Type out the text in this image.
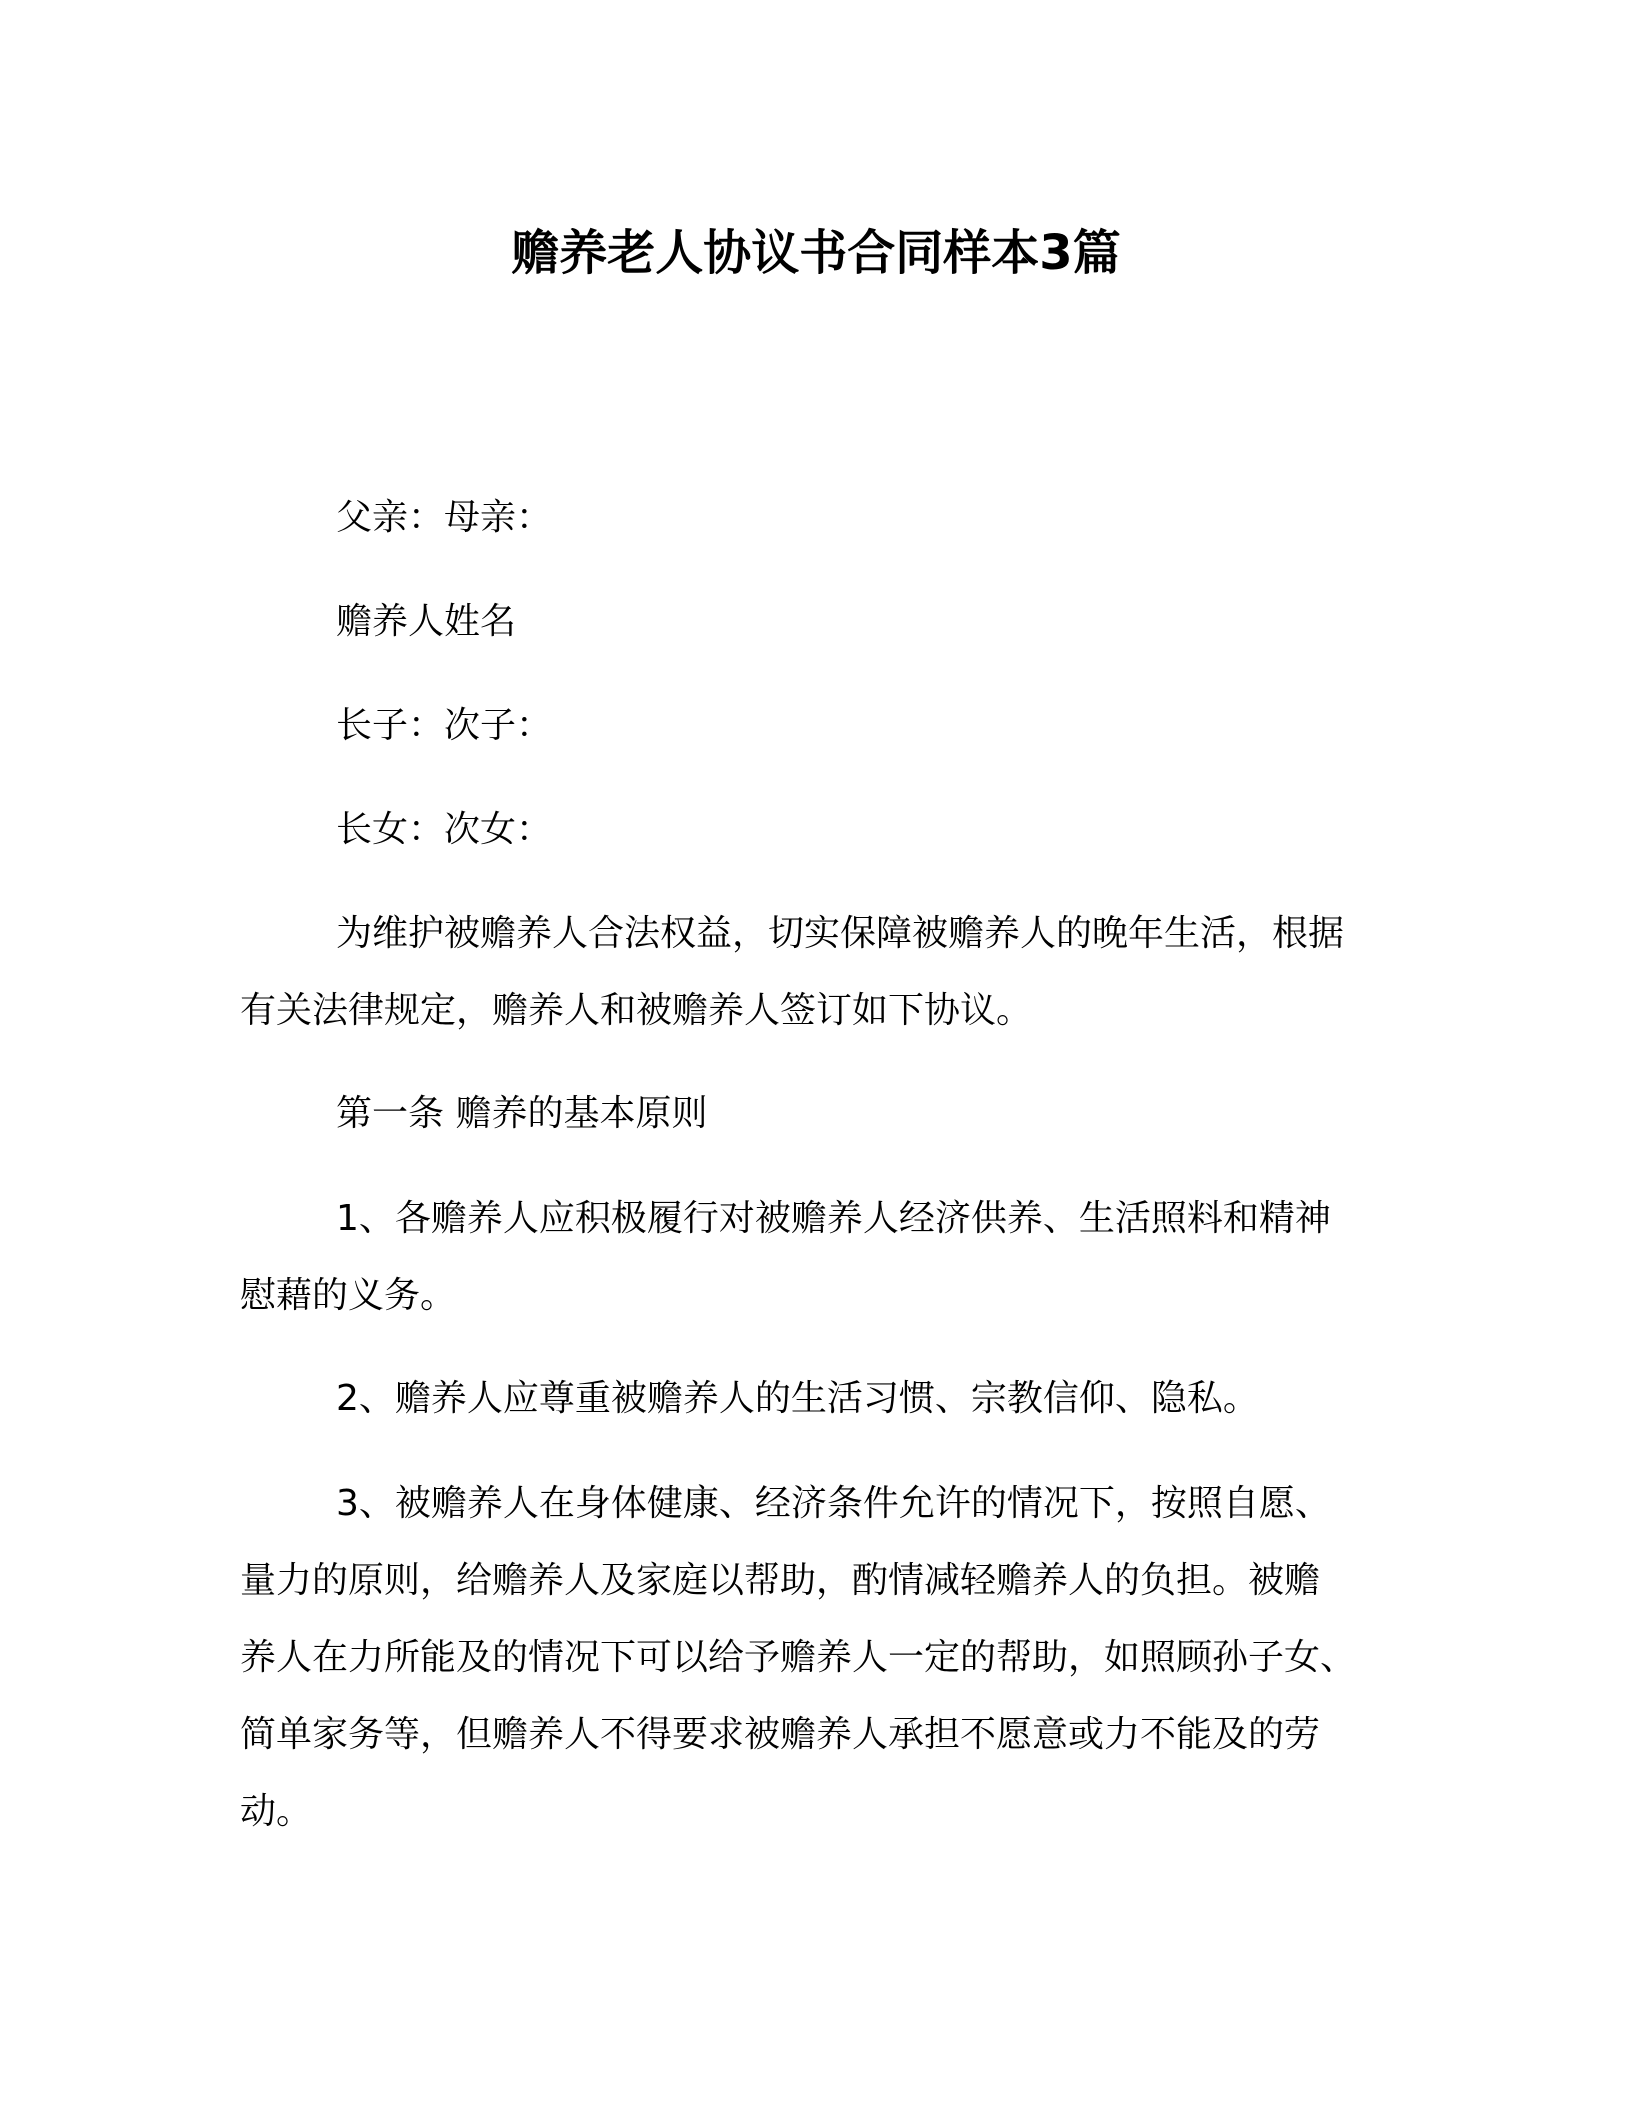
赡养老人协议书合同样本3篇
父亲：母亲：
赡养人姓名
长子：次子：
长女：次女：
为维护被赡养人合法权益，切实保障被赡养人的晚年生活，根据
有关法律规定，赡养人和被赡养人签订如下协议。
第一条 赡养的基本原则
1、各赡养人应积极履行对被赡养人经济供养、生活照料和精神
慰藉的义务。
2、赡养人应尊重被赡养人的生活习惯、宗教信仰、隐私。
3、被赡养人在身体健康、经济条件允许的情况下，按照自愿、
量力的原则，给赡养人及家庭以帮助，酌情减轻赡养人的负担。被赡
养人在力所能及的情况下可以给予赡养人一定的帮助，如照顾孙子女、
简单家务等，但赡养人不得要求被赡养人承担不愿意或力不能及的劳
动。
